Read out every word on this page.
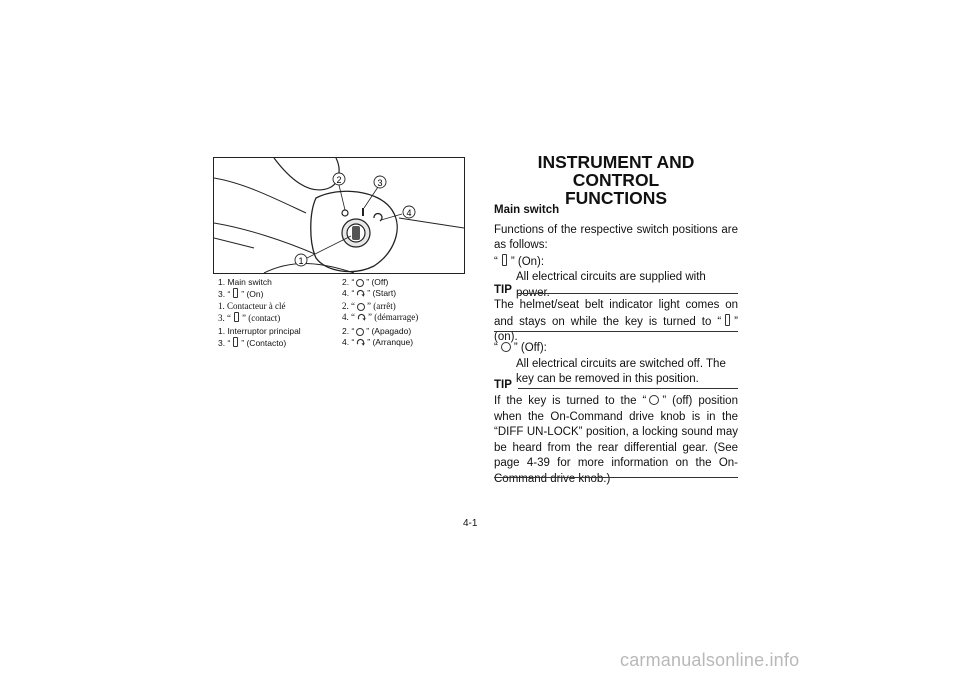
1
2	3
4
1. Main switch	2. “ ” (Off)
3. “ ” (On)	4. “ ” (Start)
1. Contacteur à clé	2. “ ” (arrêt)
3. “ ” (contact)	4. “ ” (démarrage)
1. Interruptor principal	2. “ ” (Apagado)
3. “ ” (Contacto)	4. “ ” (Arranque)
INSTRUMENT AND CONTROL
FUNCTIONS
Main switch
Functions of the respective switch positions are as follows:
“ ” (On):
All electrical circuits are supplied with power.
TIP
The helmet/seat belt indicator light comes on and stays on while the key is turned to “ ” (on).
“ ” (Off):
All electrical circuits are switched off. The key can be removed in this position.
TIP
If the key is turned to the “ ” (off) position when the On-Command drive knob is in the “DIFF UN-LOCK” position, a locking sound may be heard from the rear differential gear. (See page 4-39 for more information on the On-Command drive knob.)
4-1
carmanualsonline.info
